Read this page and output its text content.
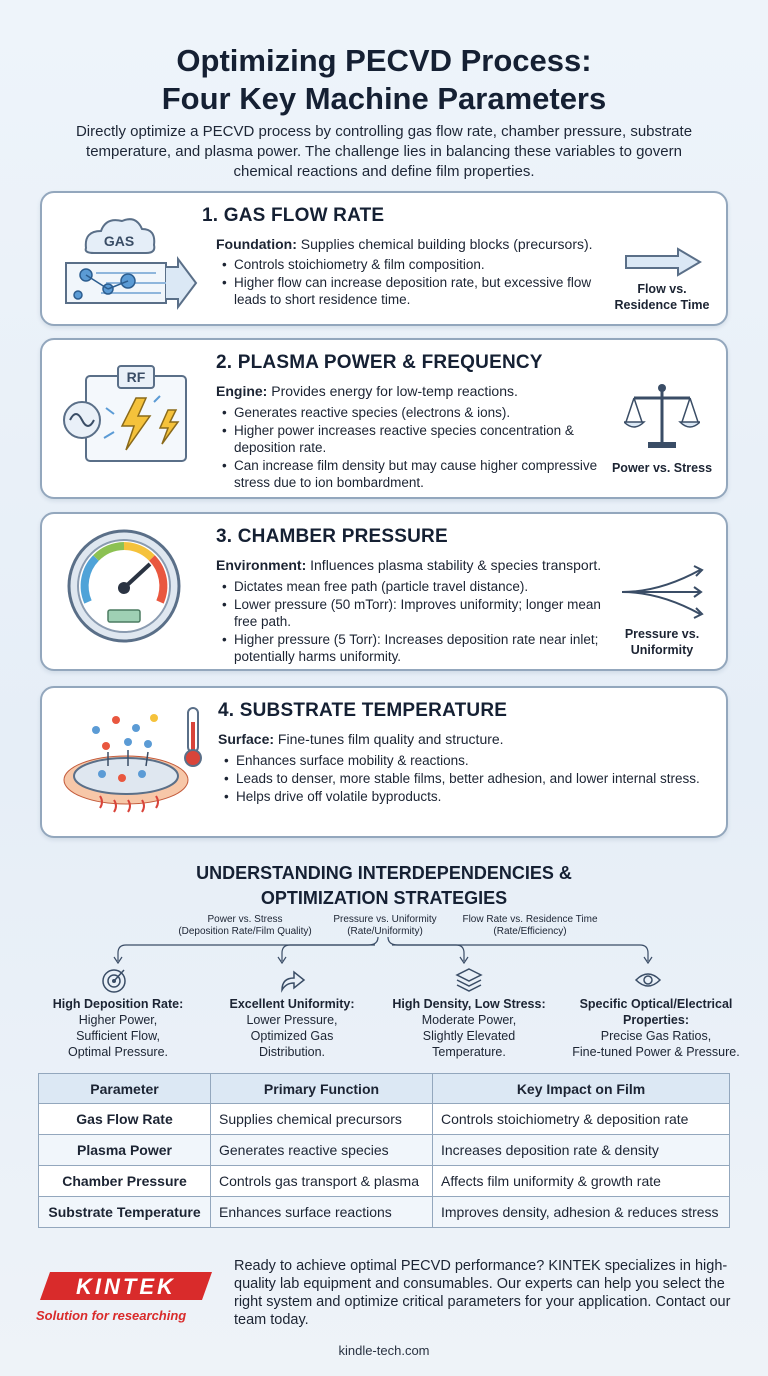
Optimizing PECVD Process:
Four Key Machine Parameters

Directly optimize a PECVD process by controlling gas flow rate, chamber pressure, substrate temperature, and plasma power. The challenge lies in balancing these variables to govern chemical reactions and define film properties.

GAS
1. GAS FLOW RATE

Foundation: Supplies chemical building blocks (precursors).

• Controls stoichiometry & film composition.
• Higher flow can increase deposition rate, but excessive flow leads to short residence time.
Flow vs.
Residence Time
RF
2. PLASMA POWER & FREQUENCY

Engine: Provides energy for low-temp reactions.

• Generates reactive species (electrons & ions).
• Higher power increases reactive species concentration & deposition rate.
• Can increase film density but may cause higher compressive stress due to ion bombardment.
Power vs. Stress
3. CHAMBER PRESSURE

Environment: Influences plasma stability & species transport.

• Dictates mean free path (particle travel distance).
• Lower pressure (50 mTorr): Improves uniformity; longer mean free path.
• Higher pressure (5 Torr): Increases deposition rate near inlet; potentially harms uniformity.
Pressure vs.
Uniformity
4. SUBSTRATE TEMPERATURE

Surface: Fine-tunes film quality and structure.

• Enhances surface mobility & reactions.
• Leads to denser, more stable films, better adhesion, and lower internal stress.
• Helps drive off volatile byproducts.
UNDERSTANDING INTERDEPENDENCIES &
OPTIMIZATION STRATEGIES
Power vs. Stress
(Deposition Rate/Film Quality)
Pressure vs. Uniformity
(Rate/Uniformity)
Flow Rate vs. Residence Time
(Rate/Efficiency)
High Deposition Rate:
Higher Power,
Sufficient Flow,
Optimal Pressure.
Excellent Uniformity:
Lower Pressure,
Optimized Gas
Distribution.
High Density, Low Stress:
Moderate Power,
Slightly Elevated
Temperature.
Specific Optical/Electrical
Properties:
Precise Gas Ratios,
Fine-tuned Power & Pressure.
Parameter	Primary Function	Key Impact on Film
Gas Flow Rate	Supplies chemical precursors	Controls stoichiometry & deposition rate
Plasma Power	Generates reactive species	Increases deposition rate & density
Chamber Pressure	Controls gas transport & plasma	Affects film uniformity & growth rate
Substrate Temperature	Enhances surface reactions	Improves density, adhesion & reduces stress
KINTEK
Solution for researching

Ready to achieve optimal PECVD performance? KINTEK specializes in high-quality lab equipment and consumables. Our experts can help you select the right system and optimize critical parameters for your application. Contact our team today.

kindle-tech.com
